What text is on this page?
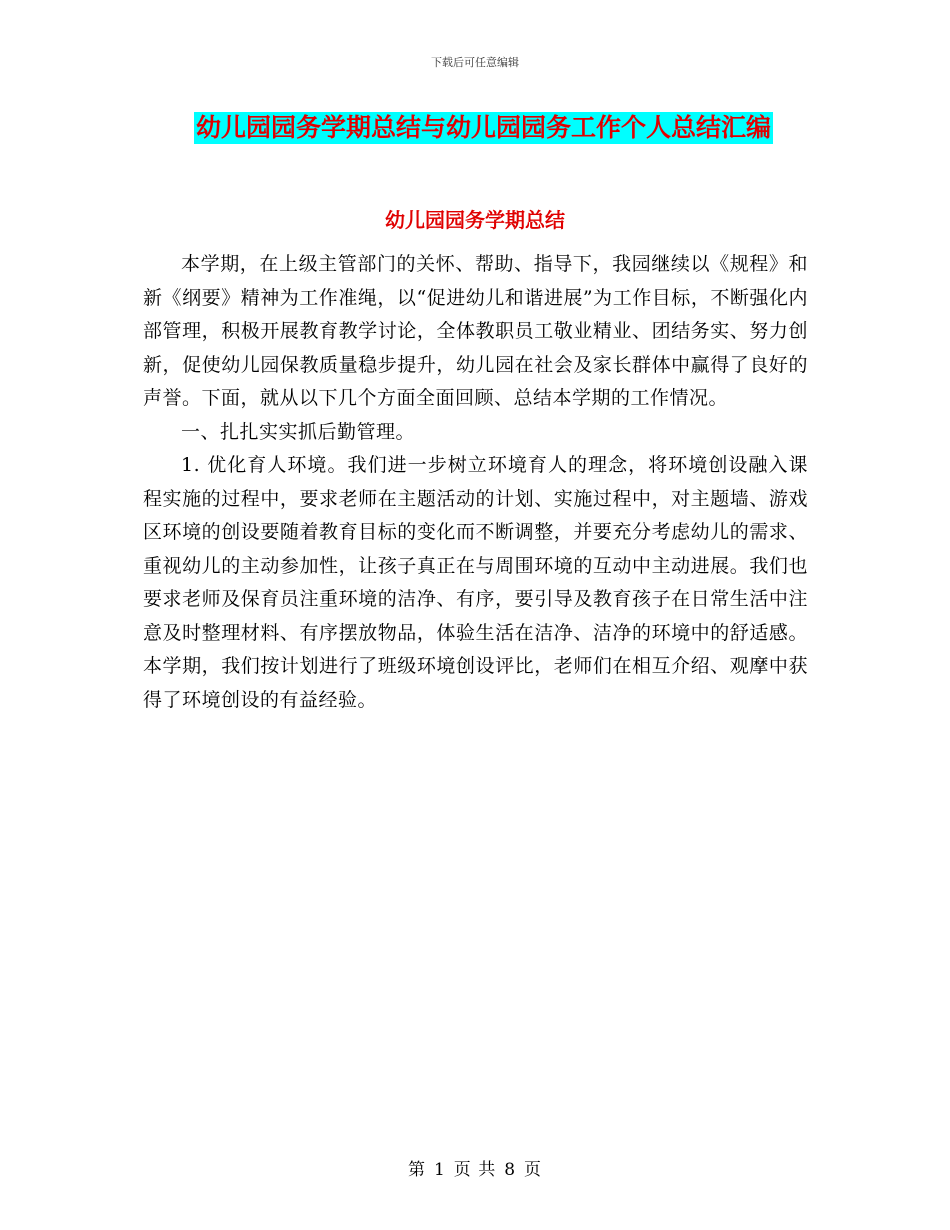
下载后可任意编辑
幼儿园园务学期总结与幼儿园园务工作个人总结汇编
幼儿园园务学期总结

本学期，在上级主管部门的关怀、帮助、指导下，我园继续以《规程》和新《纲要》精神为工作准绳，以“促进幼儿和谐进展”为工作目标，不断强化内部管理，积极开展教育教学讨论，全体教职员工敬业精业、团结务实、努力创新，促使幼儿园保教质量稳步提升，幼儿园在社会及家长群体中赢得了良好的声誉。下面，就从以下几个方面全面回顾、总结本学期的工作情况。

一、扎扎实实抓后勤管理。

1. 优化育人环境。我们进一步树立环境育人的理念，将环境创设融入课程实施的过程中，要求老师在主题活动的计划、实施过程中，对主题墙、游戏区环境的创设要随着教育目标的变化而不断调整，并要充分考虑幼儿的需求、重视幼儿的主动参加性，让孩子真正在与周围环境的互动中主动进展。我们也要求老师及保育员注重环境的洁净、有序，要引导及教育孩子在日常生活中注意及时整理材料、有序摆放物品，体验生活在洁净、洁净的环境中的舒适感。本学期，我们按计划进行了班级环境创设评比，老师们在相互介绍、观摩中获得了环境创设的有益经验。

第 1 页 共 8 页
